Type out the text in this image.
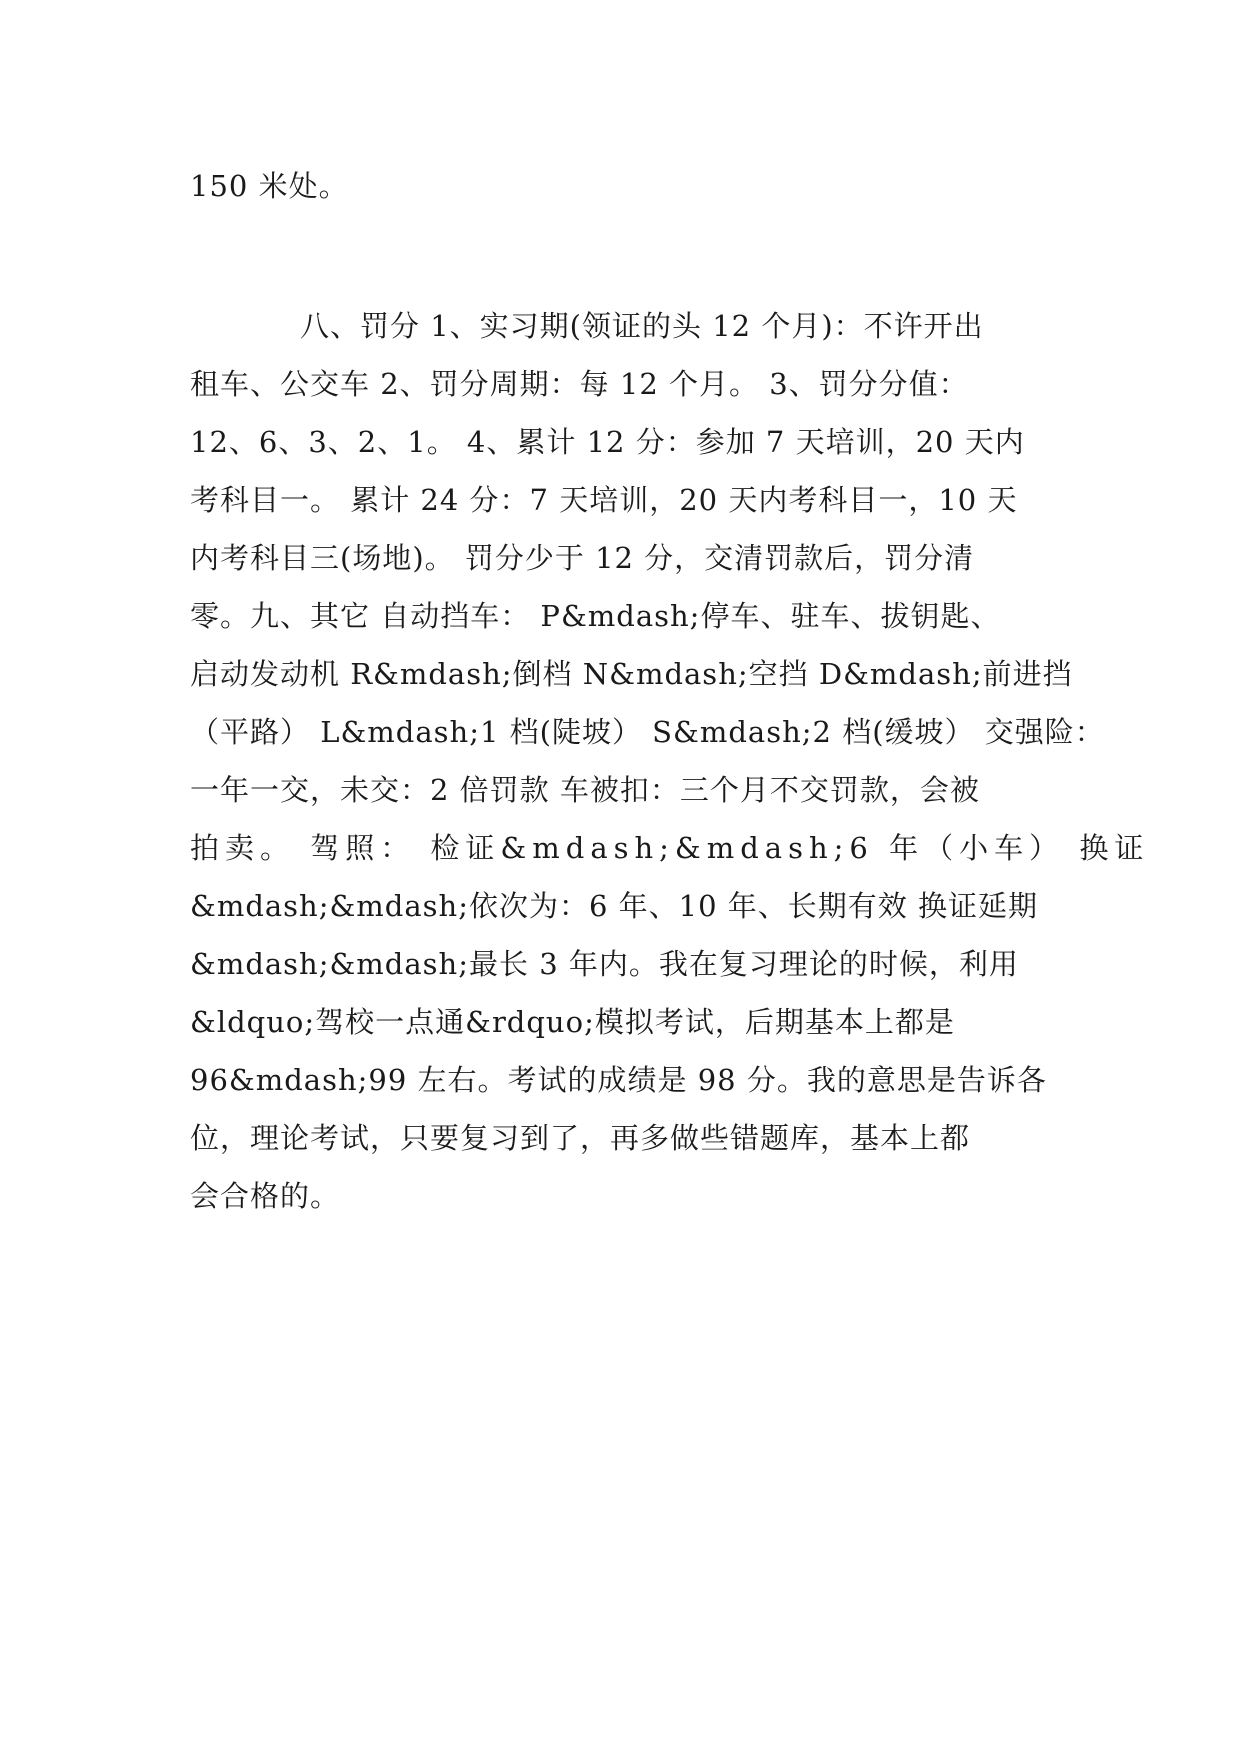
150 米处。
八、罚分 1、实习期(领证的头 12 个月)：不许开出
租车、公交车 2、罚分周期：每 12 个月。 3、罚分分值：
12、6、3、2、1。 4、累计 12 分：参加 7 天培训，20 天内
考科目一。 累计 24 分：7 天培训，20 天内考科目一，10 天
内考科目三(场地)。 罚分少于 12 分，交清罚款后，罚分清
零。九、其它 自动挡车： P&mdash;停车、驻车、拔钥匙、
启动发动机 R&mdash;倒档 N&mdash;空挡 D&mdash;前进挡
（平路） L&mdash;1 档(陡坡） S&mdash;2 档(缓坡） 交强险：
一年一交，未交：2 倍罚款 车被扣：三个月不交罚款，会被
拍卖。 驾照： 检证&mdash;&mdash;6 年（小车） 换证
&mdash;&mdash;依次为：6 年、10 年、长期有效 换证延期
&mdash;&mdash;最长 3 年内。我在复习理论的时候，利用
&ldquo;驾校一点通&rdquo;模拟考试，后期基本上都是
96&mdash;99 左右。考试的成绩是 98 分。我的意思是告诉各
位，理论考试，只要复习到了，再多做些错题库，基本上都
会合格的。
